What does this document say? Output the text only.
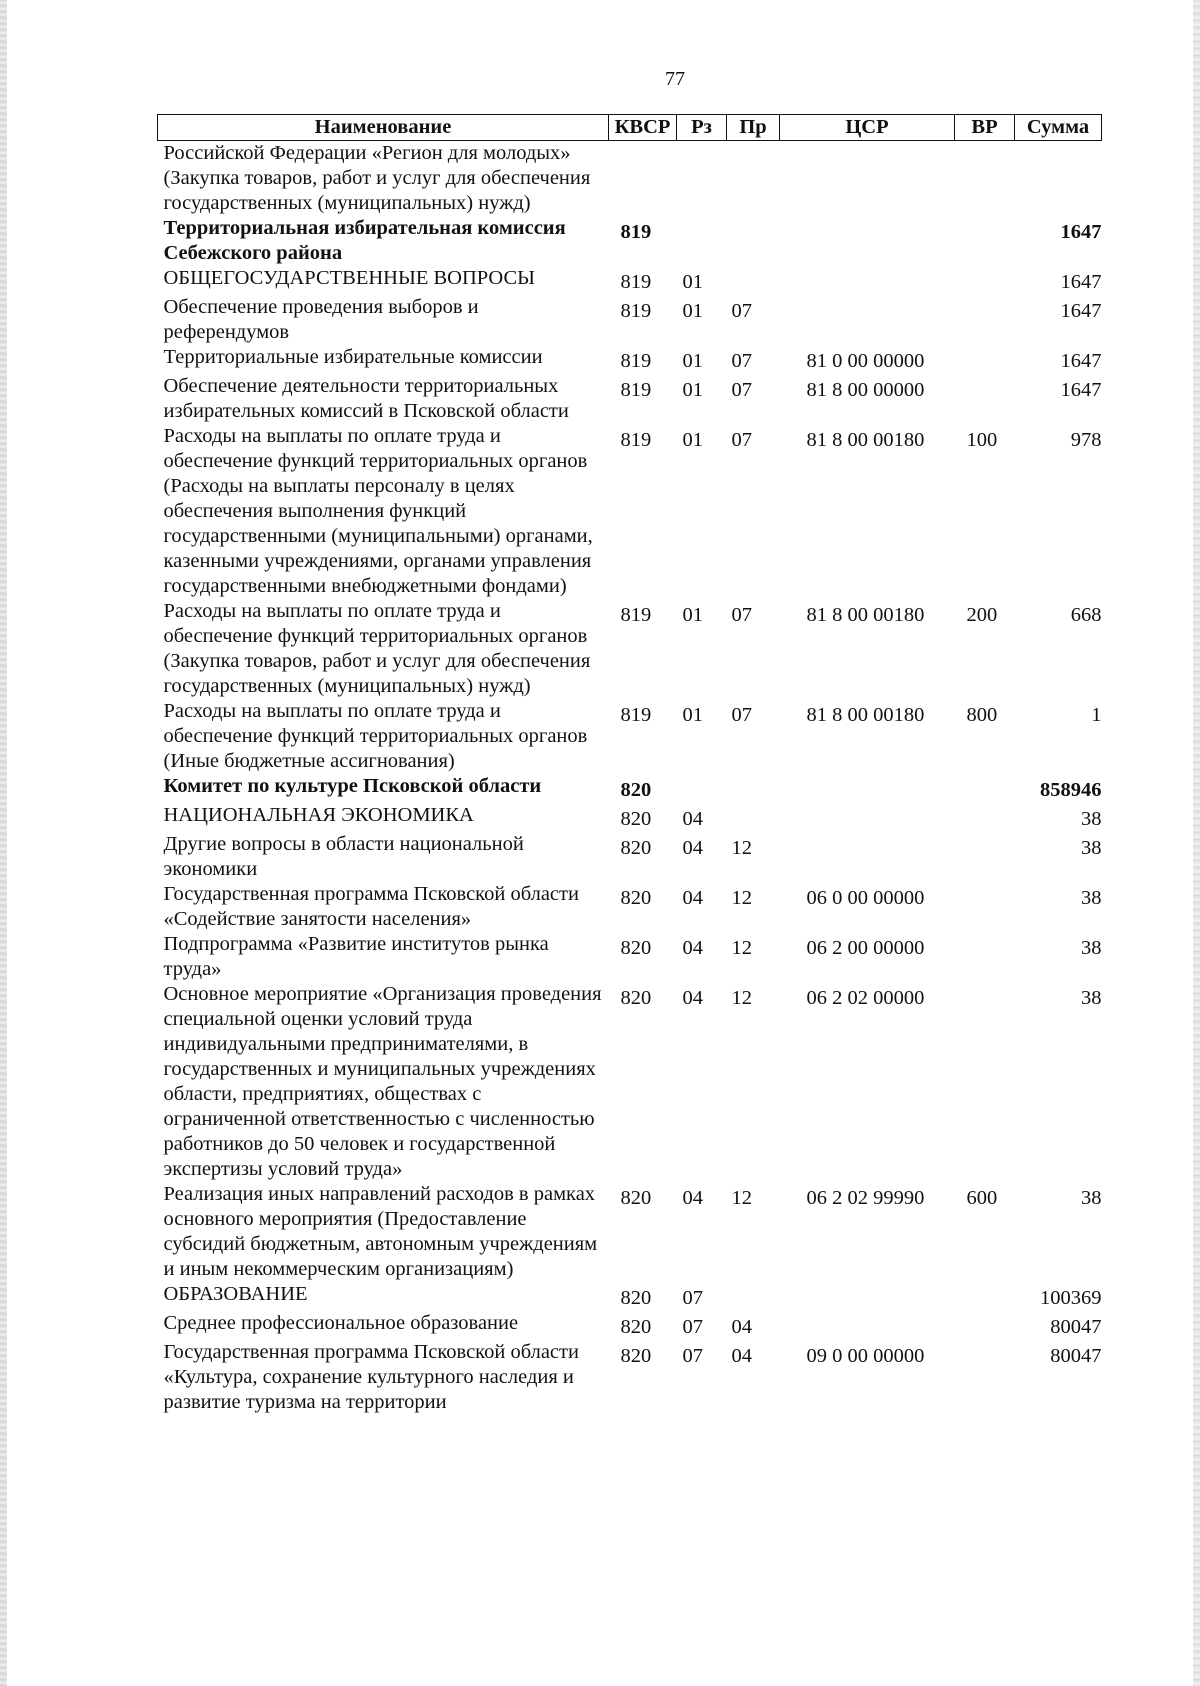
77
Наименование	КВСР	Рз	Пр	ЦСР	ВР	Сумма
Российской Федерации «Регион для молодых» (Закупка товаров, работ и услуг для обеспечения государственных (муниципальных) нужд)						
Территориальная избирательная комиссия Себежского района	819					1647
ОБЩЕГОСУДАРСТВЕННЫЕ ВОПРОСЫ	819	01				1647
Обеспечение проведения выборов и референдумов	819	01	07			1647
Территориальные избирательные комиссии	819	01	07	81 0 00 00000		1647
Обеспечение деятельности территориальных избирательных комиссий в Псковской области	819	01	07	81 8 00 00000		1647
Расходы на выплаты по оплате труда и обеспечение функций территориальных органов (Расходы на выплаты персоналу в целях обеспечения выполнения функций государственными (муниципальными) органами, казенными учреждениями, органами управления государственными внебюджетными фондами)	819	01	07	81 8 00 00180	100	978
Расходы на выплаты по оплате труда и обеспечение функций территориальных органов (Закупка товаров, работ и услуг для обеспечения государственных (муниципальных) нужд)	819	01	07	81 8 00 00180	200	668
Расходы на выплаты по оплате труда и обеспечение функций территориальных органов (Иные бюджетные ассигнования)	819	01	07	81 8 00 00180	800	1
Комитет по культуре Псковской области	820					858946
НАЦИОНАЛЬНАЯ ЭКОНОМИКА	820	04				38
Другие вопросы в области национальной экономики	820	04	12			38
Государственная программа Псковской области «Содействие занятости населения»	820	04	12	06 0 00 00000		38
Подпрограмма «Развитие институтов рынка труда»	820	04	12	06 2 00 00000		38
Основное мероприятие «Организация проведения специальной оценки условий труда индивидуальными предпринимателями, в государственных и муниципальных учреждениях области, предприятиях, обществах с ограниченной ответственностью с численностью работников до 50 человек и государственной экспертизы условий труда»	820	04	12	06 2 02 00000		38
Реализация иных направлений расходов в рамках основного мероприятия (Предоставление субсидий бюджетным, автономным учреждениям и иным некоммерческим организациям)	820	04	12	06 2 02 99990	600	38
ОБРАЗОВАНИЕ	820	07				100369
Среднее профессиональное образование	820	07	04			80047
Государственная программа Псковской области «Культура, сохранение культурного наследия и развитие туризма на территории	820	07	04	09 0 00 00000		80047
